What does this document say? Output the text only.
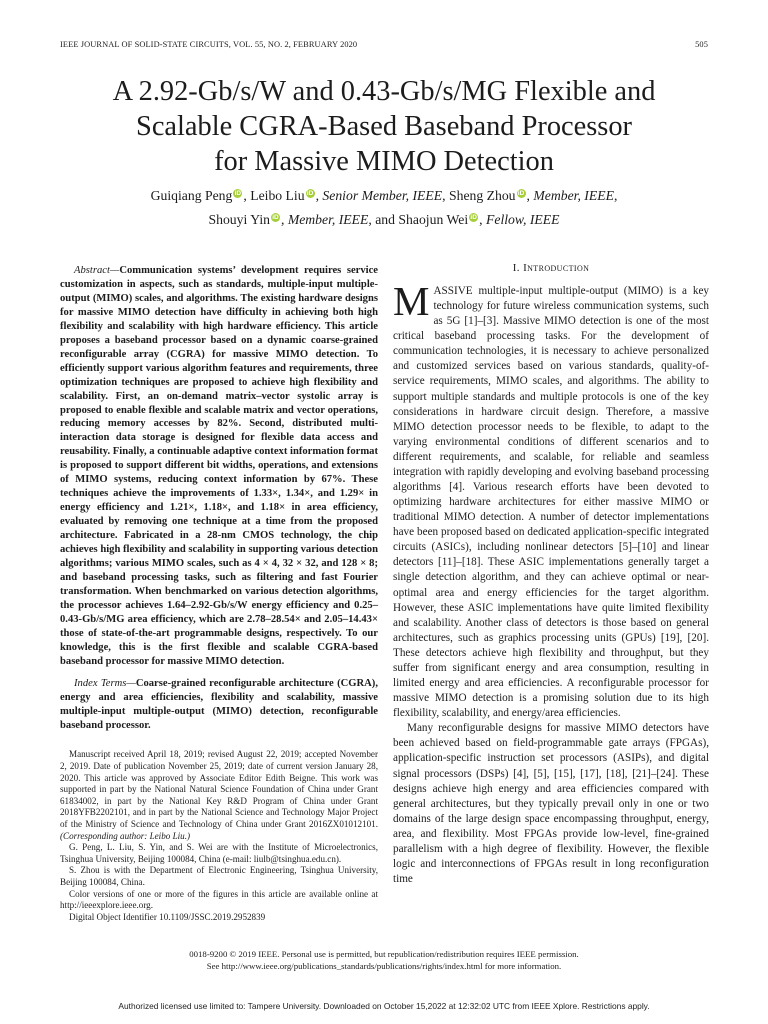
IEEE JOURNAL OF SOLID-STATE CIRCUITS, VOL. 55, NO. 2, FEBRUARY 2020	505
A 2.92-Gb/s/W and 0.43-Gb/s/MG Flexible and
Scalable CGRA-Based Baseband Processor
for Massive MIMO Detection
Guiqiang Peng iD , Leibo Liu iD , Senior Member, IEEE, Sheng Zhou iD , Member, IEEE,
Shouyi Yin iD , Member, IEEE, and Shaojun Wei iD , Fellow, IEEE

Abstract—Communication systems’ development requires service customization in aspects, such as standards, multiple-input multiple-output (MIMO) scales, and algorithms. The existing hardware designs for massive MIMO detection have difficulty in achieving both high flexibility and scalability with high hardware efficiency. This article proposes a baseband processor based on a dynamic coarse-grained reconfigurable array (CGRA) for massive MIMO detection. To efficiently support various algorithm features and requirements, three optimization techniques are proposed to achieve high flexibility and scalability. First, an on-demand matrix–vector systolic array is proposed to enable flexible and scalable matrix and vector operations, reducing memory accesses by 82%. Second, distributed multi-interaction data storage is designed for flexible data access and reusability. Finally, a continuable adaptive context information format is proposed to support different bit widths, operations, and extensions of MIMO systems, reducing context information by 67%. These techniques achieve the improvements of 1.33×, 1.34×, and 1.29× in energy efficiency and 1.21×, 1.18×, and 1.18× in area efficiency, evaluated by removing one technique at a time from the proposed architecture. Fabricated in a 28-nm CMOS technology, the chip achieves high flexibility and scalability in supporting various detection algorithms; various MIMO scales, such as 4 × 4, 32 × 32, and 128 × 8; and baseband processing tasks, such as filtering and fast Fourier transformation. When benchmarked on various detection algorithms, the processor achieves 1.64–2.92-Gb/s/W energy efficiency and 0.25–0.43-Gb/s/MG area efficiency, which are 2.78–28.54× and 2.05–14.43× those of state-of-the-art programmable designs, respectively. To our knowledge, this is the first flexible and scalable CGRA-based baseband processor for massive MIMO detection.

Index Terms—Coarse-grained reconfigurable architecture (CGRA), energy and area efficiencies, flexibility and scalability, massive multiple-input multiple-output (MIMO) detection, reconfigurable baseband processor.

Manuscript received April 18, 2019; revised August 22, 2019; accepted November 2, 2019. Date of publication November 25, 2019; date of current version January 28, 2020. This article was approved by Associate Editor Edith Beigne. This work was supported in part by the National Natural Science Foundation of China under Grant 61834002, in part by the National Key R&D Program of China under Grant 2018YFB2202101, and in part by the National Science and Technology Major Project of the Ministry of Science and Technology of China under Grant 2016ZX01012101. (Corresponding author: Leibo Liu.)

G. Peng, L. Liu, S. Yin, and S. Wei are with the Institute of Microelectronics, Tsinghua University, Beijing 100084, China (e-mail: liulb@tsinghua.edu.cn).

S. Zhou is with the Department of Electronic Engineering, Tsinghua University, Beijing 100084, China.

Color versions of one or more of the figures in this article are available online at http://ieeexplore.ieee.org.

Digital Object Identifier 10.1109/JSSC.2019.2952839

I. Introduction

MASSIVE multiple-input multiple-output (MIMO) is a key technology for future wireless communication systems, such as 5G [1]–[3]. Massive MIMO detection is one of the most critical baseband processing tasks. For the development of communication technologies, it is necessary to achieve personalized and customized services based on various standards, quality-of-service requirements, MIMO scales, and algorithms. The ability to support multiple standards and multiple protocols is one of the key considerations in hardware circuit design. Therefore, a massive MIMO detection processor needs to be flexible, to adapt to the varying environmental conditions of different scenarios and to different requirements, and scalable, for reliable and seamless integration with rapidly developing and evolving baseband processing algorithms [4]. Various research efforts have been devoted to optimizing hardware architectures for either massive MIMO or traditional MIMO detection. A number of detector implementations have been proposed based on dedicated application-specific integrated circuits (ASICs), including nonlinear detectors [5]–[10] and linear detectors [11]–[18]. These ASIC implementations generally target a single detection algorithm, and they can achieve optimal or near-optimal area and energy efficiencies for the target algorithm. However, these ASIC implementations have quite limited flexibility and scalability. Another class of detectors is those based on general architectures, such as graphics processing units (GPUs) [19], [20]. These detectors achieve high flexibility and throughput, but they suffer from significant energy and area consumption, resulting in limited energy and area efficiencies. A reconfigurable processor for massive MIMO detection is a promising solution due to its high flexibility, scalability, and energy/area efficiencies.

Many reconfigurable designs for massive MIMO detectors have been achieved based on field-programmable gate arrays (FPGAs), application-specific instruction set processors (ASIPs), and digital signal processors (DSPs) [4], [5], [15], [17], [18], [21]–[24]. These designs achieve high energy and area efficiencies compared with general architectures, but they typically prevail only in one or two domains of the large design space encompassing throughput, energy, area, and flexibility. Most FPGAs provide low-level, fine-grained parallelism with a high degree of flexibility. However, the flexible logic and interconnections of FPGAs result in long reconfiguration time

0018-9200 © 2019 IEEE. Personal use is permitted, but republication/redistribution requires IEEE permission.
See http://www.ieee.org/publications_standards/publications/rights/index.html for more information.
Authorized licensed use limited to: Tampere University. Downloaded on October 15,2022 at 12:32:02 UTC from IEEE Xplore. Restrictions apply.
